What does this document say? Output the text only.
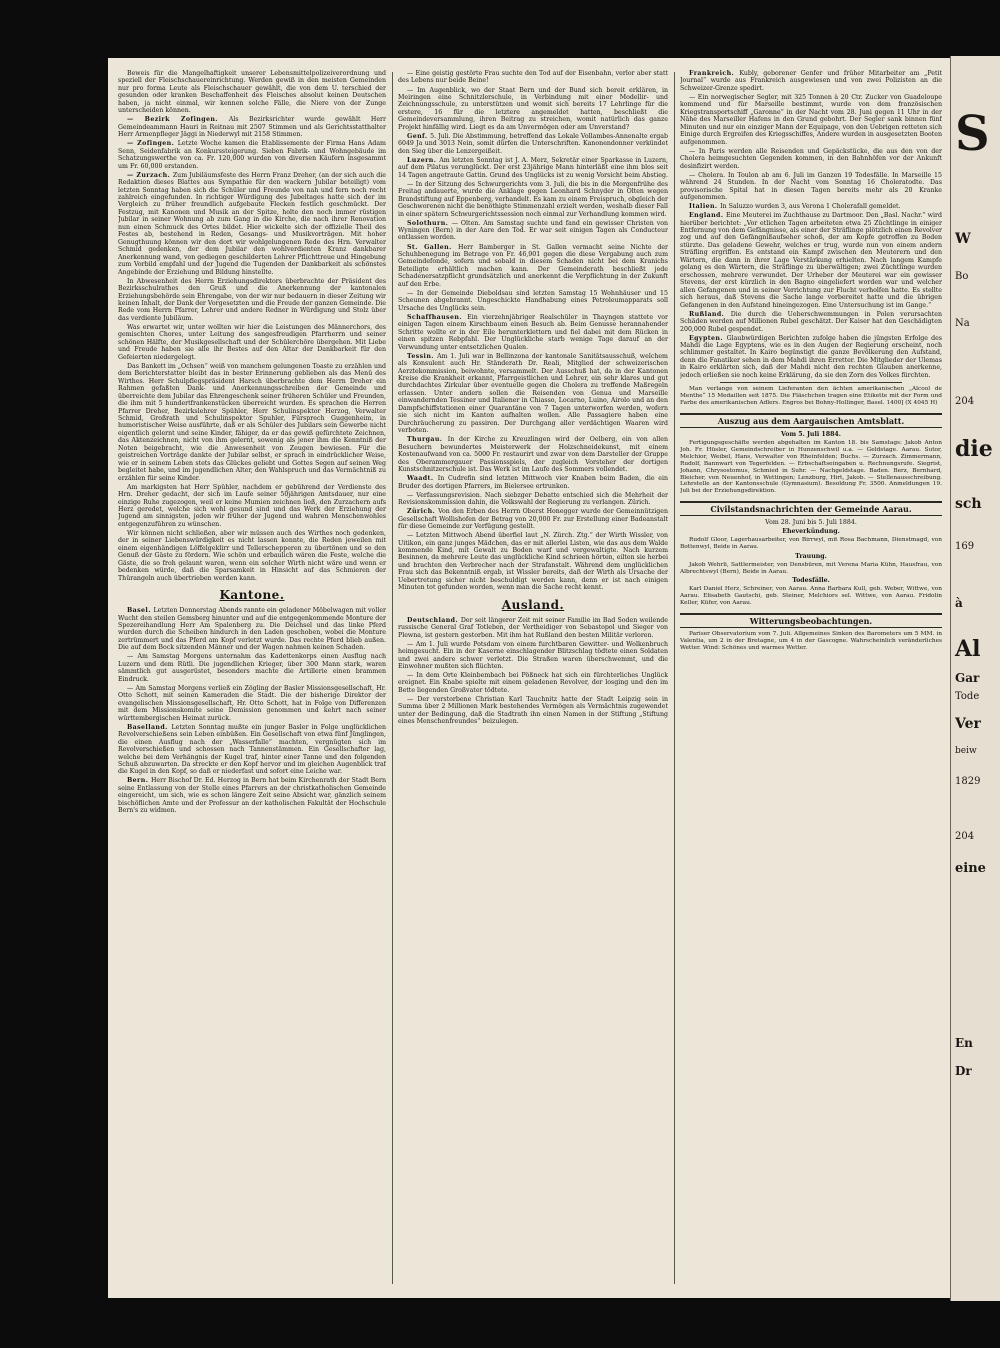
Beweis für die Mangelhaftigkeit unserer Lebensmittelpolizeiverordnung und speziell der Fleischschauereinrichtung. Werden gewiß in den meisten Gemeinden nur pro forma Leute als Fleischschauer gewählt, die von dem U. terschied der gesunden oder kranken Beschaffenheit des Fleisches absolut keinen Deutschen haben, ja nicht einmal, wir kennen solche Fälle, die Niere von der Zunge unterscheiden können.

— Bezirk Zofingen. Als Bezirksrichter wurde gewählt Herr Gemeindeammann Hauri in Reitnau mit 2507 Stimmen und als Gerichtsstatthalter Herr Armenpfleger Jäggi in Niederwyl mit 2158 Stimmen.

— Zofingen. Letzte Woche kamen die Etablissemente der Firma Hans Adam Senn, Seidenfabrik an Konkurssteigerung. Sieben Fabrik- und Wohngebäude im Schatzungswerthe von ca. Fr. 120,000 wurden von diversen Käufern insgesammt um Fr. 60,000 erstanden.

— Zurzach. Zum Jubiläumsfeste des Herrn Franz Dreher, (an der sich auch die Redaktion dieses Blattes aus Sympathie für den wackern Jubilar beteiligt) vom letzten Sonntag haben sich die Schüler und Freunde von nah und fern noch recht zahlreich eingefunden. In richtiger Würdigung des Jubeltages hatte sich der im Vergleich zu früher freundlich aufgebaute Flecken festlich geschmückt. Der Festzug, mit Kanonen und Musik an der Spitze, holte den noch immer rüstigen Jubilar in seiner Wohnung ab zum Gang in die Kirche, die nach ihrer Renovation nun einen Schmuck des Ortes bildet. Hier wickelte sich der offizielle Theil des Festes ab, bestehend in Reden, Gesangs- und Musikvorträgen. Mit hoher Genugthuung können wir den dort wir wohlgelungenen Rede des Hrn. Verwalter Schmid gedenken, der dem Jubilar den wohlverdienten Kranz dankbarer Anerkennung wand, von gediegen geschilderten Lehrer Pflichttreue und Hingebung zum Vorbild empfahl und der Jugend die Tugenden der Dankbarkeit als schönstes Angebinde der Erziehung und Bildung hinstellte.

In Abwesenheit des Herrn Erziehungsdirektors überbrachte der Präsident des Bezirksschulrathes den Gruß und die Anerkennung der kantonalen Erziehungsbehörde sein Ehrengabe, von der wir nur bedauern in dieser Zeitung wir keinen Inhalt, der Dank der Vorgesetzten und die Freude der ganzen Gemeinde. Die Rede vom Herrn Pfarrer, Lehrer und andere Redner in Würdigung und Stolz über das verdiente Jubiläum.

Was erwartet wir, unter wollten wir hier die Leistungen des Männerchors, des gemischten Chores, unter Leitung des sangesfreudigen Pfarrherrn und seiner schönen Hälfte, der Musikgesellschaft und der Schülerchöre übergehen. Mit Liebe und Freude haben sie alle ihr Bestes auf den Altar der Dankbarkeit für den Gefeierten niedergelegt.

Das Bankett im „Ochsen“ weiß von manchem gelungenen Toaste zu erzählen und dem Berichterstatter bleibt das in bester Erinnerung geblieben als das Menü des Wirthes. Herr Schulpflegspräsident Harsch überbrachte dem Herrn Dreher ein Rahmen gefaßten Dank- und Anerkennungsschreiben der Gemeinde und überreichte dem Jubilar das Ehrengeschenk seiner früheren Schüler und Freunden, die ihm mit 5 hundertfrankenstücken überreicht wurden. Es sprachen die Herren Pfarrer Dreher, Bezirkslehrer Spühler, Herr Schulinspektor Herzog, Verwalter Schmid, Großrath und Schulinspektor Spuhler, Fürsprech Guggenheim, in humoristischer Weise ausführte, daß er als Schüler des Jubilars sein Gewerbe nicht eigentlich gelernt und seine Kinder, fähiger, da er das gewiß gefürchtete Zeichnen, das Aktenzeichnen, nicht von ihm gelernt, sowenig als jener ihm die Kenntniß der Noten beigebracht, wie die Anwesenheit von Zeugen bewiesen. Für die geistreichen Vorträge dankte der Jubilar selbst, er sprach in eindrücklicher Weise, wie er in seinem Leben stets das Glückes geliebt und Gottes Segen auf seinen Weg begleitet habe, und im jugendlichen Alter, den Wahlspruch und das Vermächtniß zu erzählen für seine Kinder.

Am markigsten hat Herr Spühler, nachdem er gebührend der Verdienste des Hrn. Dreher gedacht, der sich im Laufe seiner 50jährigen Amtsdauer, nur eine einzige Ruhe zugezogen, weil er keine Mumien zeichnen ließ, den Zurzachern aufs Herz geredet, welche sich wohl gesund sind und das Werk der Erziehung der Jugend am sinnigsten, jeden wir früher der Jugend und wahren Menschenwohles entgegenzuführen zu wünschen.

Wir können nicht schließen, aber wir müssen auch des Wirthes noch gedenken, der in seiner Liebenswürdigkeit es nicht lassen konnte, die Reden jeweilen mit einem eigenhändigen Löffelgeklirr und Tellerschepperen zu übertönen und so den Genuß der Gäste zu fördern. Wie schön und erbaulich wären die Feste, welche die Gäste, die so froh gelaunt waren, wenn ein solcher Wirth nicht wäre und wenn er bedenken würde, daß die Sparsamkeit in Hinsicht auf das Schmieren der Thürangeln auch übertrieben werden kann.

Kantone.

Basel. Letzten Donnerstag Abends rannte ein geladener Möbelwagen mit voller Wucht den steilen Gemsberg hinunter und auf die entgegenkommende Monture der Spezereihandlung Herr Am Spalenberg zu. Die Deichsel und das linke Pferd wurden durch die Scheiben hindurch in den Laden geschoben, wobei die Monture zertrümmert und das Pferd am Kopf verletzt wurde. Das rechte Pferd blieb außen. Die auf dem Bock sitzenden Männer und der Wagen nahmen keinen Schaden.

— Am Samstag Morgens unternahm das Kadettenkorps einen Ausflug nach Luzern und dem Rütli. Die jugendlichen Krieger, über 300 Mann stark, waren sämmtlich gut ausgerüstet, besonders machte die Artillerie einen brammen Eindruck.

— Am Samstag Morgens verließ ein Zögling der Basler Missionsgesellschaft, Hr. Otto Schott, mit seinen Kameraden die Stadt. Die der bisherige Direktor der evangelischen Missionsgesellschaft, Hr. Otto Schott, hat in Folge von Differenzen mit dem Missionskomite seine Demission genommen und kehrt nach seiner württembergischen Heimat zurück.

Baselland. Letzten Sonntag mußte ein junger Basler in Folge unglücklichen Revolverschießens sein Leben einbüßen. Ein Gesellschaft von etwa fünf Jünglingen, die einen Ausflug nach der „Wasserfalle“ machten, vergnügten sich im Revolverschießen und schossen nach Tannenstämmen. Ein Gesellschafter lag, welche bei dem Verhängnis der Kugel traf, hinter einer Tanne und den folgenden Schuß abzuwarten. Da streckte er den Kopf hervor und im gleichen Augenblick traf die Kugel in den Kopf, so daß er niederfast und sofort eine Leiche war.

Bern. Herr Bischof Dr. Ed. Herzog in Bern hat beim Kirchenrath der Stadt Bern seine Entlassung von der Stelle eines Pfarrers an der christkatholischen Gemeinde eingereicht, um sich, wie es schon längere Zeit seine Absicht war, gänzlich seinem bischöflichen Amte und der Professur an der katholischen Fakultät der Hochschule Bern's zu widmen.

— Eine geistig gestörte Frau suchte den Tod auf der Eisenbahn, verlor aber statt des Lebens nur beide Beine!

— Im Augenblick, wo der Staat Bern und der Bund sich bereit erklären, in Meiringen eine Schnitzlerschule, in Verbindung mit einer Modellir- und Zeichnungsschule, zu unterstützen und womit sich bereits 17 Lehrlinge für die erstere, 16 für die letztere angemeldet hatten, beschließt die Gemeindeversammlung, ihren Beitrag zu streichen, womit natürlich das ganze Projekt hinfällig wird. Liegt es da am Unvermögen oder am Unverstand?

Genf. 5. Juli. Die Abstimmung, betreffend das Lokale Vollambes-Annenalte ergab 6049 Ja und 3013 Nein, somit dürfen die Unterschriften. Kanonendonner verkündet den Sieg über die Lenzergeißeit.

Luzern. Am letzten Sonntag ist J. A. Merz, Sekretär einer Sparkasse in Luzern, auf dem Pilatus verunglückt. Der erst 23jährige Mann hinterläßt eine ihm blos seit 14 Tagen angetraute Gattin. Grund des Unglücks ist zu wenig Vorsicht beim Abstieg.

— In der Sitzung des Schwurgerichts vom 3. Juli, die bis in die Morgenfrühe des Freitag andauerte, wurde die Anklage gegen Leonhard Schnyder in Olten wegen Brandstiftung auf Eppenberg, verhandelt. Es kam zu einem Freispruch, obgleich der Geschworenen nicht die benöthigte Stimmenzahl erzielt werden, weshalb dieser Fall in einer spätern Schwurgerichtssession noch einmal zur Verhandlung kommen wird.

Solothurn. — Olten. Am Samstag suchte und fand ein gewisser Christen von Wyningen (Bern) in der Aare den Tod. Er war seit einigen Tagen als Conducteur entlassen worden.

St. Gallen. Herr Bamberger in St. Gallen vermacht seine Nichte der Schuhbenegung im Betrage von Fr. 46,901 gegen die diese Vergabung auch zum Gemeindefonde, sofern und sobald in diesem Schaden nicht bei dem Kranichs Beteiligte erhältlich machen kann. Der Gemeinderath beschließt jede Schadenersatzpflicht grundsätzlich und anerkennt die Verpflichtung in der Zukunft auf den Erbe.

— In der Gemeinde Dieboldsau sind letzten Samstag 15 Wohnhäuser und 15 Scheunen abgebrannt. Ungeschickte Handhabung eines Petroleumapparats soll Ursache des Unglücks sein.

Schaffhausen. Ein vierzehnjähriger Realschüler in Thayngen stattete vor einigen Tagen einem Kirschbaum einen Besuch ab. Beim Genusse herannahender Schritte wollte er in der Eile herunterklettern und fiel dabei mit dem Rücken in einen spitzen Rebpfahl. Der Unglückliche starb wenige Tage darauf an der Verwundung unter entsetzlichen Qualen.

Tessin. Am 1. Juli war in Bellinzona der kantonale Sanitätsausschuß, welchem als Konsulent auch Hr. Ständerath Dr. Reali, Mitglied der schweizerischen Aerztekommission, beiwohnte, versammelt. Der Ausschuß hat, da in der Kantonen Kreise die Krankheit erkannt, Pfarrgeistlichen und Lehrer, ein sehr klares und gut durchdachtes Zirkular über eventuelle gegen die Cholera zu treffende Maßregeln erlassen. Unter andern sollen die Reisenden von Genua und Marseille einwandernden Tessiner und Italiener in Chiasso, Locarno, Luino, Airolo und an den Dampfschiffstationen einer Quarantäne von 7 Tagen unterworfen werden, wofern sie sich nicht im Kanton aufhalten wollen. Alle Passagiere haben eine Durchräucherung zu passiren. Der Durchgang aller verdächtigen Waaren wird verboten.

Thurgau. In der Kirche zu Kreuzlingen wird der Oelberg, ein von allen Besuchern bewundertes Meisterwerk der Holzschneidekunst, mit einem Kostenaufwand von ca. 5000 Fr. restaurirt und zwar von dem Darsteller der Gruppe des Oberammergauer Passionsspiels, der zugleich Vorsteher der dortigen Kunstschnitzerschule ist. Das Werk ist im Laufe des Sommers vollendet.

Waadt. In Cudrefin sind letzten Mittwoch vier Knaben beim Baden, die ein Bruder des dortigen Pfarrers, im Bielersee ertrunken.

— Verfassungsrevision. Nach siebzger Debatte entschied sich die Mehrheit der Revisionskommission dahin, die Volkswahl der Regierung zu verlangen. Zürich.

Zürich. Von den Erben des Herrn Oberst Honegger wurde der Gemeinnützigen Gesellschaft Wollishofen der Betrag von 20,000 Fr. zur Erstellung einer Badeanstalt für diese Gemeinde zur Verfügung gestellt.

— Letzten Mittwoch Abend überfiel laut „N. Zürch. Ztg.“ der Wirth Wissler, von Uitikon, ein ganz junges Mädchen, das er mit allerlei Listen, wie das aus dem Walde kommende Kind, mit Gewalt zu Boden warf und vergewaltigte. Nach kurzem Besinnen, da mehrere Leute das unglückliche Kind schrieen hörten, eilten sie herbei und brachten den Verbrecher nach der Strafanstalt. Während dem unglücklichen Frau sich das Bekenntniß ergab, ist Wissler bereits, daß der Wirth als Ursache der Uebertretung sicher nicht beschuldigt werden kann, denn er ist nach einigen Minuten tot gefunden worden, wenn man die Sache recht kennt.

Ausland.

Deutschland. Der seit längerer Zeit mit seiner Familie im Bad Soden weilende russische General Graf Totleben, der Vertheidiger von Sebastopol und Sieger von Plewna, ist gestern gestorben. Mit ihm hat Rußland den besten Militär verloren.

— Am 1. Juli wurde Potsdam von einem furchtbaren Gewitter- und Wolkenbruch heimgesucht. Ein in der Kaserne einschlagender Blitzschlag tödtete einen Soldaten und zwei andere schwer verletzt. Die Straßen waren überschwemmt, und die Einwohner mußten sich flüchten.

— In dem Orte Kleinbembach bei Pößneck hat sich ein fürchterliches Unglück ereignet. Ein Knabe spielte mit einem geladenen Revolver, der losging und den im Bette liegenden Großvater tödtete.

— Der verstorbene Christian Karl Tauchnitz hatte der Stadt Leipzig sein in Summa über 2 Millionen Mark bestehendes Vermögen als Vermächtnis zugewendet unter der Bedingung, daß die Stadtrath ihn einen Namen in der Stiftung „Stiftung eines Menschenfreundes“ beizulegen.

Frankreich. Kubly, geborener Genfer und früher Mitarbeiter am „Petit Journal“ wurde aus Frankreich ausgewiesen und von zwei Polizisten an die Schweizer-Grenze spedirt.

— Ein norwegischer Segler, mit 325 Tonnen à 20 Ctr. Zucker von Guadeloupe kommend und für Marseille bestimmt, wurde von dem französischen Kriegstransportschiff „Garonne“ in der Nacht vom 28. Juni gegen 11 Uhr in der Nähe des Marseiller Hafens in den Grund gebohrt. Der Segler sank binnen fünf Minuten und nur ein einziger Mann der Equipage, von den Uebrigen retteten sich Einige durch Ergreifen des Kriegsschiffes, Andere wurden in ausgesetzten Booten aufgenommen.

— In Paris werden alle Reisenden und Gepäckstücke, die aus den von der Cholera heimgesuchten Gegenden kommen, in den Bahnhöfen vor der Ankunft desinfizirt werden.

— Cholera. In Toulon ab am 6. Juli im Ganzen 19 Todesfälle. In Marseille 15 während 24 Stunden. In der Nacht vom Sonntag 16 Choleratodte. Das provisorische Spital hat in diesen Tagen bereits mehr als 20 Kranke aufgenommen.

Italien. In Saluzzo wurden 3, aus Verona 1 Cholerafall gemeldet.

England. Eine Meuterei im Zuchthause zu Dartmoor. Den „Basl. Nachr.“ wird hierüber berichtet: „Vor etlichen Tagen arbeiteten etwa 25 Züchtlinge in einiger Entfernung von dem Gefängnisse, als einer der Sträflinge plötzlich einen Revolver zog und auf den Gefängnißaufseher schoß, der am Kopfe getroffen zu Boden stürzte. Das geladene Gewehr, welches er trug, wurde nun von einem andern Sträfling ergriffen. Es entstand ein Kampf zwischen den Meuterern und den Wärtern, die dann in ihrer Lage Verstärkung erhielten. Nach langem Kampfe gelang es den Wärtern, die Sträflinge zu überwältigen; zwei Züchtlinge wurden erschossen, mehrere verwundet. Der Urheber der Meuterei war ein gewisser Stevens, der erst kürzlich in den Bagno eingeliefert worden war und welcher allen Gefangenen und in seiner Verrichtung zur Flucht verholfen hatte. Es stellte sich heraus, daß Stevens die Sache lange vorbereitet hatte und die übrigen Gefangenen in den Aufstand hineingezogen. Eine Untersuchung ist im Gange.“

Rußland. Die durch die Ueberschwemmungen in Polen verursachten Schäden werden auf Millionen Rubel geschätzt. Der Kaiser hat den Geschädigten 200,000 Rubel gespendet.

Egypten. Glaubwürdigen Berichten zufolge haben die jüngsten Erfolge des Mahdi die Lage Egyptens, wie es in den Augen der Regierung erscheint, noch schlimmer gestaltet. In Kairo begünstigt die ganze Bevölkerung den Aufstand, denn die Fanatiker sehen in dem Mahdi ihren Erretter. Die Mitglieder der Ulemas in Kairo erklärten sich, daß der Mahdi nicht den rechten Glauben anerkenne, jedoch erließen sie noch keine Erklärung, da sie den Zorn des Volkes fürchten.

Man verlange von seinem Lieferanten den ächten amerikanischen „Alcool de Menthe“ 15 Medaillen seit 1875. Die Fläschchen tragen eine Etikette mit der Form und Farbe des amerikanischen Adlers. Engros bei Bohny-Hollinger, Basel. 1400] (X 4045 H)

Auszug aus dem Aargauischen Amtsblatt.

Vom 5. Juli 1884.

Fertigungsgeschäfte werden abgehalten im Kanton 18. bis Samstags: Jakob Anton Joh. Fr. Hüsler, Gemeindschreiber in Hunzenschwil u.a. — Geldstage. Aarau. Sutor, Melchior, Weibel, Hans, Verwalter von Rheinfelden; Buchs. — Zurzach. Zimmermann, Rudolf, Bannwart von Tegerfelden. — Erbschaftseingaben u. Rechnungsrufe. Siegrist, Johann, Chrysostomus, Schmied in Suhr. — Nachgeldstage. Baden. Berz, Bernhard, Bleicher, von Neuenhof, in Wettingen; Lenzburg, Hirt, Jakob. — Stellenausschreibung. Lehrstelle an der Kantonsschule (Gymnasium). Besoldung Fr. 3500. Anmeldungen 19. Juli bei der Erziehungsdirektion.

Civilstandsnachrichten der Gemeinde Aarau.

Vom 28. Juni bis 5. Juli 1884.

Eheverkündung.

Rudolf Gloor, Lagerhausarbeiter, von Birrwyl, mit Rosa Bachmann, Dienstmagd, von Bottenwyl, Beide in Aarau.

Trauung.

Jakob Wehrli, Sattlermeister, von Densbüren, mit Verena Maria Kühn, Hausfrau, von Albrechtswyl (Bern), Beide in Aarau.

Todesfälle.

Karl Daniel Herz, Schreiner, von Aarau. Anna Barbara Kull, geb. Weber, Wittwe, von Aarau. Elisabeth Gautschi, geb. Steiner, Melchiors sel. Wittwe, von Aarau. Fridolin Keller, Küfer, von Aarau.

Witterungsbeobachtungen.

Pariser Observatorium vom 7. Juli. Allgemeines Sinken des Barometers um 5 MM. in Valentia, um 2 in der Bretagne, um 4 in der Gascogne. Wahrscheinlich veränderliches Wetter. Wind: Schönes und warmes Wetter.

S
W
Bo
Na
204
die
sch
169
à
Al
Gar
Tode
Ver
beiw
1829
204
eine
En
Dr
